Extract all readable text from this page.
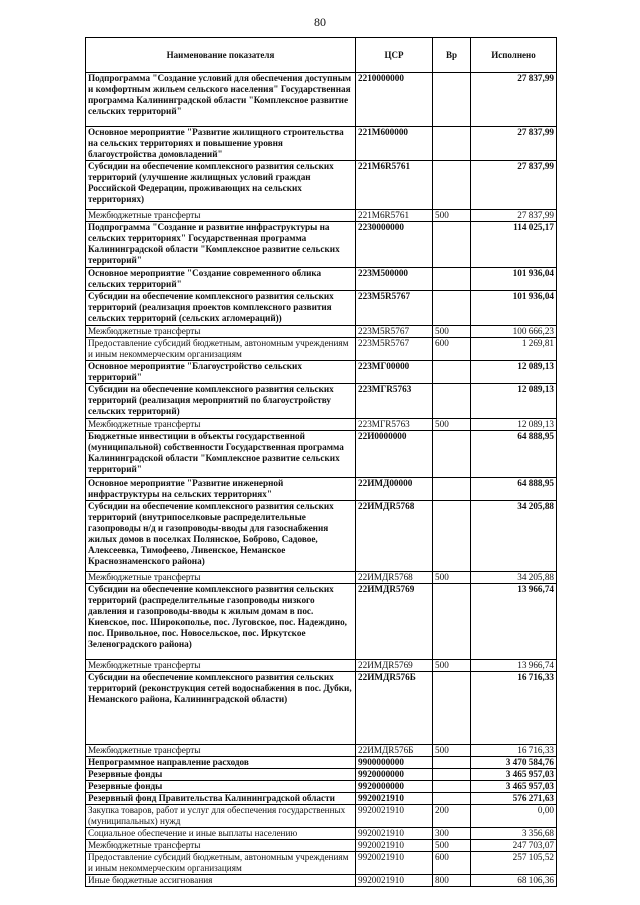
80
Наименование показателя	ЦСР	Вр	Исполнено
Подпрограмма "Создание условий для обеспечения доступным и комфортным жильем сельского населения" Государственная программа Калининградской области "Комплексное развитие сельских территорий"	2210000000		27 837,99
Основное мероприятие "Развитие жилищного строительства на сельских территориях и повышение уровня благоустройства домовладений"	221М600000		27 837,99
Субсидии на обеспечение комплексного развития сельских территорий (улучшение жилищных условий граждан Российской Федерации, проживающих на сельских территориях)	221М6R5761		27 837,99
Межбюджетные трансферты	221М6R5761	500	27 837,99
Подпрограмма "Создание и развитие инфраструктуры на сельских территориях" Государственная программа Калининградской области "Комплексное развитие сельских территорий"	2230000000		114 025,17
Основное мероприятие "Создание современного облика сельских территорий"	223М500000		101 936,04
Субсидии на обеспечение комплексного развития сельских территорий (реализация проектов комплексного развития сельских территорий (сельских агломераций))	223М5R5767		101 936,04
Межбюджетные трансферты	223М5R5767	500	100 666,23
Предоставление субсидий бюджетным, автономным учреждениям и иным некоммерческим организациям	223М5R5767	600	1 269,81
Основное мероприятие "Благоустройство сельских территорий"	223МГ00000		12 089,13
Субсидии на обеспечение комплексного развития сельских территорий (реализация мероприятий по благоустройству сельских территорий)	223МГR5763		12 089,13
Межбюджетные трансферты	223МГR5763	500	12 089,13
Бюджетные инвестиции в объекты государственной (муниципальной) собственности Государственная программа Калининградской области "Комплексное развитие сельских территорий"	22И0000000		64 888,95
Основное мероприятие "Развитие инженерной инфраструктуры на сельских территориях"	22ИМД00000		64 888,95
Субсидии на обеспечение комплексного развития сельских территорий (внутрипоселковые распределительные газопроводы н/д и газопроводы-вводы для газоснабжения жилых домов в поселках Полянское, Боброво, Садовое, Алексеевка, Тимофеево, Ливенское, Неманское Краснознаменского района)	22ИМДR5768		34 205,88
Межбюджетные трансферты	22ИМДR5768	500	34 205,88
Субсидии на обеспечение комплексного развития сельских территорий (распределительные газопроводы низкого давления и газопроводы-вводы к жилым домам в пос. Киевское, пос. Широкополье, пос. Луговское, пос. Надеждино, пос. Привольное, пос. Новосельское, пос. Иркутское Зеленоградского района)	22ИМДR5769		13 966,74
Межбюджетные трансферты	22ИМДR5769	500	13 966,74
Субсидии на обеспечение комплексного развития сельских территорий (реконструкция сетей водоснабжения в пос. Дубки, Неманского района, Калининградской области)	22ИМДR576Б		16 716,33
Межбюджетные трансферты	22ИМДR576Б	500	16 716,33
Непрограммное направление расходов	9900000000		3 470 584,76
Резервные фонды	9920000000		3 465 957,03
Резервные фонды	9920000000		3 465 957,03
Резервный фонд Правительства Калининградской области	9920021910		576 271,63
Закупка товаров, работ и услуг для обеспечения государственных (муниципальных) нужд	9920021910	200	0,00
Социальное обеспечение и иные выплаты населению	9920021910	300	3 356,68
Межбюджетные трансферты	9920021910	500	247 703,07
Предоставление субсидий бюджетным, автономным учреждениям и иным некоммерческим организациям	9920021910	600	257 105,52
Иные бюджетные ассигнования	9920021910	800	68 106,36
